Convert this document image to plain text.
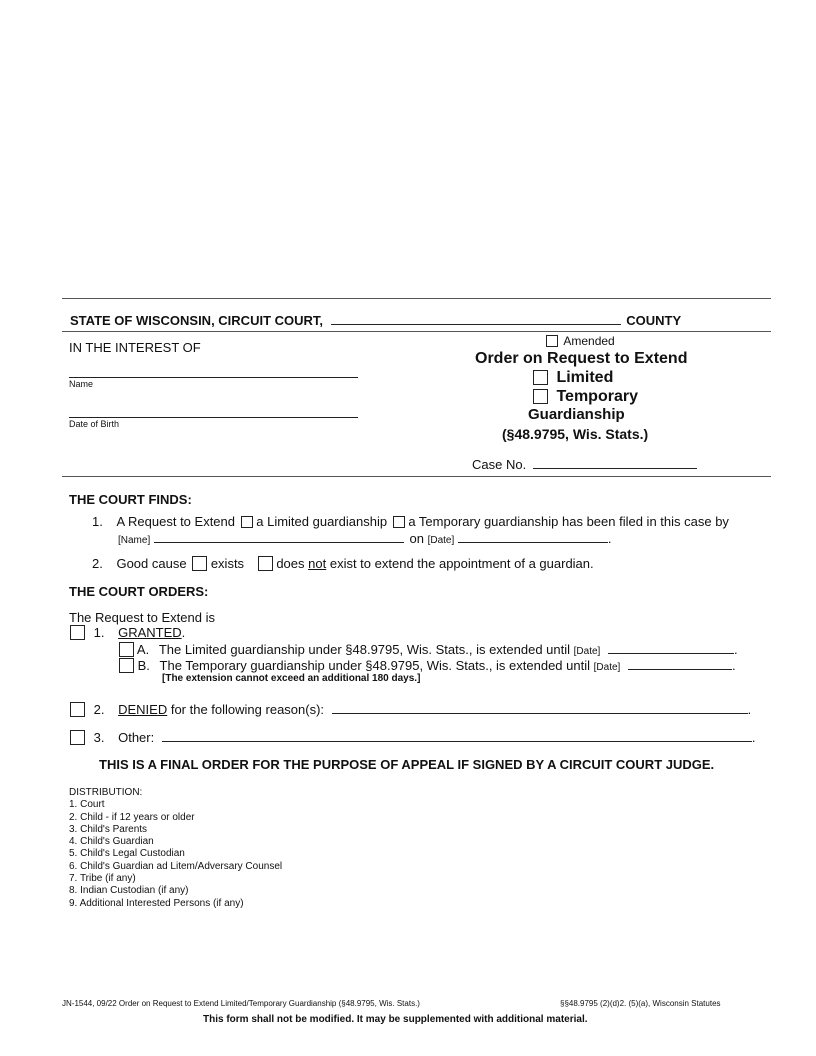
STATE OF WISCONSIN, CIRCUIT COURT,	COUNTY
IN THE INTEREST OF
Name
Date of Birth
Amended
Order on Request to Extend
Limited
Temporary
Guardianship
(§48.9795, Wis. Stats.)
Case No.
THE COURT FINDS:
1. A Request to Extend a Limited guardianship a Temporary guardianship has been filed in this case by
[Name]	on [Date]	.
2. Good cause exists does not exist to extend the appointment of a guardian.
THE COURT ORDERS:
The Request to Extend is
1. GRANTED.
A. The Limited guardianship under §48.9795, Wis. Stats., is extended until [Date]	.
B. The Temporary guardianship under §48.9795, Wis. Stats., is extended until [Date]	.
[The extension cannot exceed an additional 180 days.]
2. DENIED for the following reason(s):	.
3. Other:	.
THIS IS A FINAL ORDER FOR THE PURPOSE OF APPEAL IF SIGNED BY A CIRCUIT COURT JUDGE.
DISTRIBUTION:
1. Court
2. Child - if 12 years or older
3. Child's Parents
4. Child's Guardian
5. Child's Legal Custodian
6. Child's Guardian ad Litem/Adversary Counsel
7. Tribe (if any)
8. Indian Custodian (if any)
9. Additional Interested Persons (if any)
JN-1544, 09/22 Order on Request to Extend Limited/Temporary Guardianship (§48.9795, Wis. Stats.)	§§48.9795 (2)(d)2. (5)(a), Wisconsin Statutes
This form shall not be modified. It may be supplemented with additional material.
